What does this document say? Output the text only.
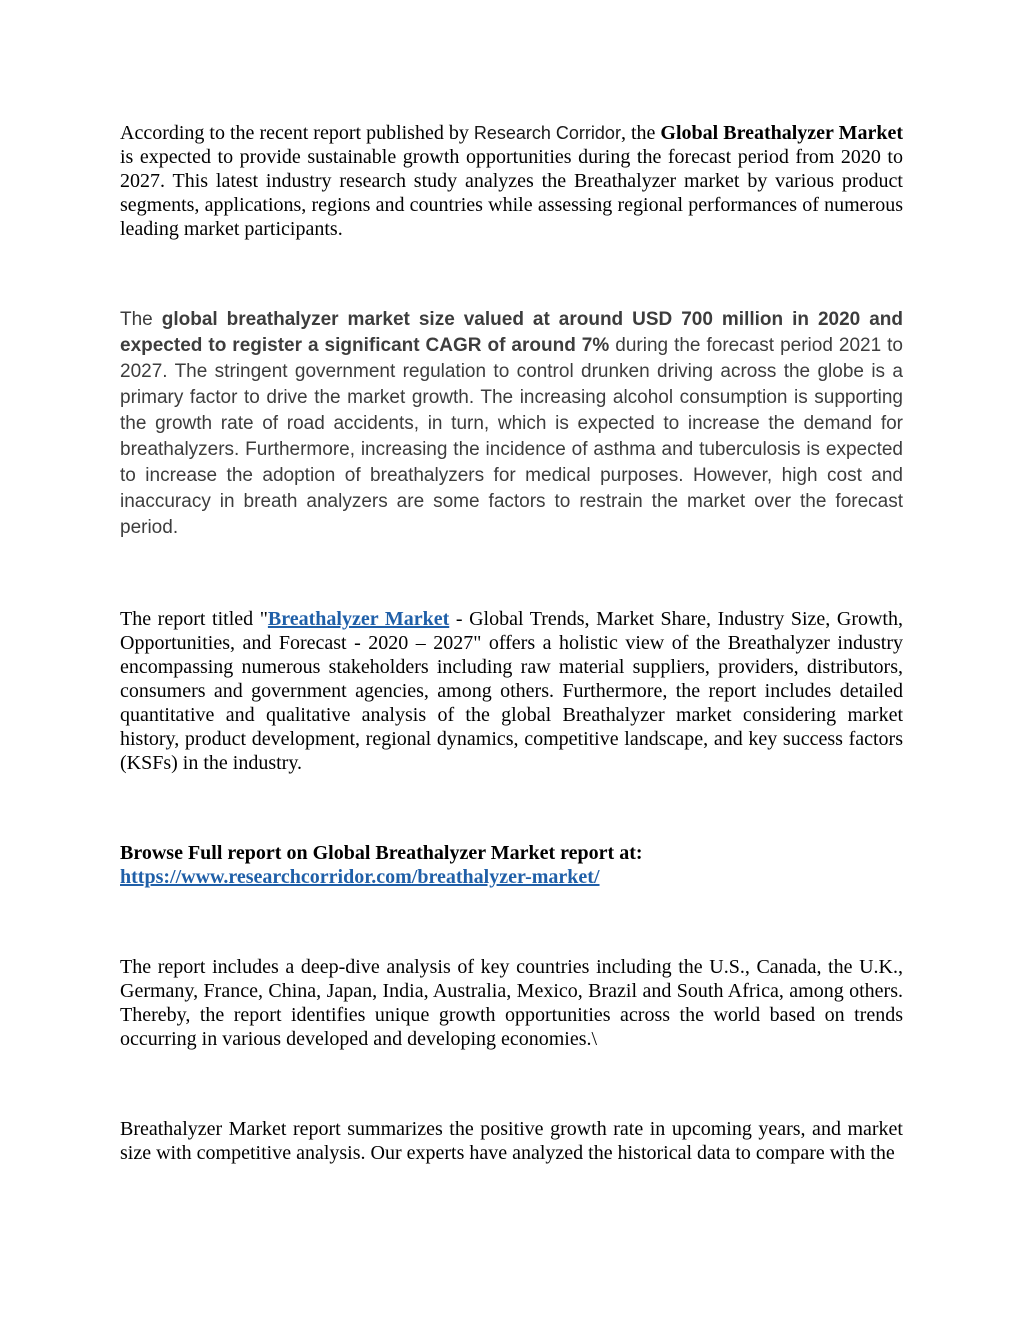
According to the recent report published by Research Corridor, the Global Breathalyzer Market is expected to provide sustainable growth opportunities during the forecast period from 2020 to 2027. This latest industry research study analyzes the Breathalyzer market by various product segments, applications, regions and countries while assessing regional performances of numerous leading market participants.

The global breathalyzer market size valued at around USD 700 million in 2020 and expected to register a significant CAGR of around 7% during the forecast period 2021 to 2027. The stringent government regulation to control drunken driving across the globe is a primary factor to drive the market growth. The increasing alcohol consumption is supporting the growth rate of road accidents, in turn, which is expected to increase the demand for breathalyzers. Furthermore, increasing the incidence of asthma and tuberculosis is expected to increase the adoption of breathalyzers for medical purposes. However, high cost and inaccuracy in breath analyzers are some factors to restrain the market over the forecast period.

The report titled "Breathalyzer Market - Global Trends, Market Share, Industry Size, Growth, Opportunities, and Forecast - 2020 – 2027" offers a holistic view of the Breathalyzer industry encompassing numerous stakeholders including raw material suppliers, providers, distributors, consumers and government agencies, among others. Furthermore, the report includes detailed quantitative and qualitative analysis of the global Breathalyzer market considering market history, product development, regional dynamics, competitive landscape, and key success factors (KSFs) in the industry.

Browse Full report on Global Breathalyzer Market report at:
https://www.researchcorridor.com/breathalyzer-market/

The report includes a deep-dive analysis of key countries including the U.S., Canada, the U.K., Germany, France, China, Japan, India, Australia, Mexico, Brazil and South Africa, among others. Thereby, the report identifies unique growth opportunities across the world based on trends occurring in various developed and developing economies.\

Breathalyzer Market report summarizes the positive growth rate in upcoming years, and market size with competitive analysis. Our experts have analyzed the historical data to compare with the
